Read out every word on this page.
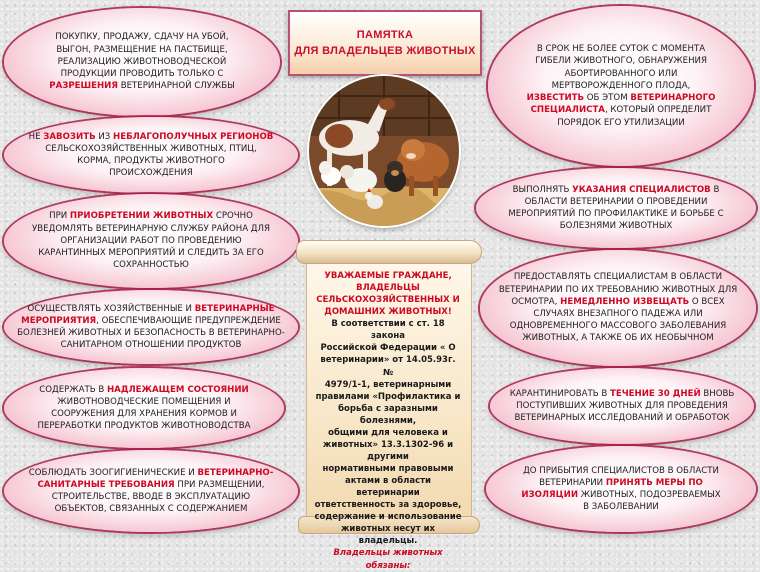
ПАМЯТКА
ДЛЯ ВЛАДЕЛЬЦЕВ ЖИВОТНЫХ
ПОКУПКУ, ПРОДАЖУ, СДАЧУ НА УБОЙ,
ВЫГОН, РАЗМЕЩЕНИЕ НА ПАСТБИЩЕ,
РЕАЛИЗАЦИЮ ЖИВОТНОВОДЧЕСКОЙ
ПРОДУКЦИИ ПРОВОДИТЬ ТОЛЬКО С
РАЗРЕШЕНИЯ ВЕТЕРИНАРНОЙ СЛУЖБЫ
НЕ ЗАВОЗИТЬ ИЗ НЕБЛАГОПОЛУЧНЫХ РЕГИОНОВ
СЕЛЬСКОХОЗЯЙСТВЕННЫХ ЖИВОТНЫХ, ПТИЦ,
КОРМА, ПРОДУКТЫ ЖИВОТНОГО
ПРОИСХОЖДЕНИЯ
ПРИ ПРИОБРЕТЕНИИ ЖИВОТНЫХ СРОЧНО
УВЕДОМЛЯТЬ ВЕТЕРИНАРНУЮ СЛУЖБУ РАЙОНА ДЛЯ
ОРГАНИЗАЦИИ РАБОТ ПО ПРОВЕДЕНИЮ
КАРАНТИННЫХ МЕРОПРИЯТИЙ И СЛЕДИТЬ ЗА ЕГО
СОХРАННОСТЬЮ
ОСУЩЕСТВЛЯТЬ ХОЗЯЙСТВЕННЫЕ И ВЕТЕРИНАРНЫЕ
МЕРОПРИЯТИЯ, ОБЕСПЕЧИВАЮЩИЕ ПРЕДУПРЕЖДЕНИЕ
БОЛЕЗНЕЙ ЖИВОТНЫХ И БЕЗОПАСНОСТЬ В ВЕТЕРИНАРНО-
САНИТАРНОМ ОТНОШЕНИИ ПРОДУКТОВ
СОДЕРЖАТЬ В НАДЛЕЖАЩЕМ СОСТОЯНИИ
ЖИВОТНОВОДЧЕСКИЕ ПОМЕЩЕНИЯ И
СООРУЖЕНИЯ ДЛЯ ХРАНЕНИЯ КОРМОВ И
ПЕРЕРАБОТКИ ПРОДУКТОВ ЖИВОТНОВОДСТВА
СОБЛЮДАТЬ ЗООГИГИЕНИЧЕСКИЕ И ВЕТЕРИНАРНО-
САНИТАРНЫЕ ТРЕБОВАНИЯ ПРИ РАЗМЕЩЕНИИ,
СТРОИТЕЛЬСТВЕ, ВВОДЕ В ЭКСПЛУАТАЦИЮ
ОБЪЕКТОВ, СВЯЗАННЫХ С СОДЕРЖАНИЕМ
В СРОК НЕ БОЛЕЕ СУТОК С МОМЕНТА
ГИБЕЛИ ЖИВОТНОГО, ОБНАРУЖЕНИЯ
АБОРТИРОВАННОГО ИЛИ
МЕРТВОРОЖДЕННОГО ПЛОДА,
ИЗВЕСТИТЬ ОБ ЭТОМ ВЕТЕРИНАРНОГО
СПЕЦИАЛИСТА, КОТОРЫЙ ОПРЕДЕЛИТ
ПОРЯДОК ЕГО УТИЛИЗАЦИИ
ВЫПОЛНЯТЬ УКАЗАНИЯ СПЕЦИАЛИСТОВ В
ОБЛАСТИ ВЕТЕРИНАРИИ О ПРОВЕДЕНИИ
МЕРОПРИЯТИЙ ПО ПРОФИЛАКТИКЕ И БОРЬБЕ С
БОЛЕЗНЯМИ ЖИВОТНЫХ
ПРЕДОСТАВЛЯТЬ СПЕЦИАЛИСТАМ В ОБЛАСТИ
ВЕТЕРИНАРИИ ПО ИХ ТРЕБОВАНИЮ ЖИВОТНЫХ ДЛЯ
ОСМОТРА, НЕМЕДЛЕННО ИЗВЕЩАТЬ О ВСЕХ
СЛУЧАЯХ ВНЕЗАПНОГО ПАДЕЖА ИЛИ
ОДНОВРЕМЕННОГО МАССОВОГО ЗАБОЛЕВАНИЯ
ЖИВОТНЫХ, А ТАКЖЕ ОБ ИХ НЕОБЫЧНОМ
КАРАНТИНИРОВАТЬ В ТЕЧЕНИЕ 30 ДНЕЙ ВНОВЬ
ПОСТУПИВШИХ ЖИВОТНЫХ ДЛЯ ПРОВЕДЕНИЯ
ВЕТЕРИНАРНЫХ ИССЛЕДОВАНИЙ И ОБРАБОТОК
ДО ПРИБЫТИЯ СПЕЦИАЛИСТОВ В ОБЛАСТИ
ВЕТЕРИНАРИИ ПРИНЯТЬ МЕРЫ ПО
ИЗОЛЯЦИИ ЖИВОТНЫХ, ПОДОЗРЕВАЕМЫХ
В ЗАБОЛЕВАНИИ
УВАЖАЕМЫЕ ГРАЖДАНЕ,
ВЛАДЕЛЬЦЫ
СЕЛЬСКОХОЗЯЙСТВЕННЫХ И
ДОМАШНИХ ЖИВОТНЫХ!
В соответствии с ст. 18 закона
Российской Федерации « О
ветеринарии» от 14.05.93г. №
4979/1-1, ветеринарными
правилами «Профилактика и
борьба с заразными болезнями,
общими для человека и
животных» 13.3.1302-96 и другими
нормативными правовыми
актами в области ветеринарии
ответственность за здоровье,
содержание и использование
животных несут их владельцы.
Владельцы животных обязаны:
